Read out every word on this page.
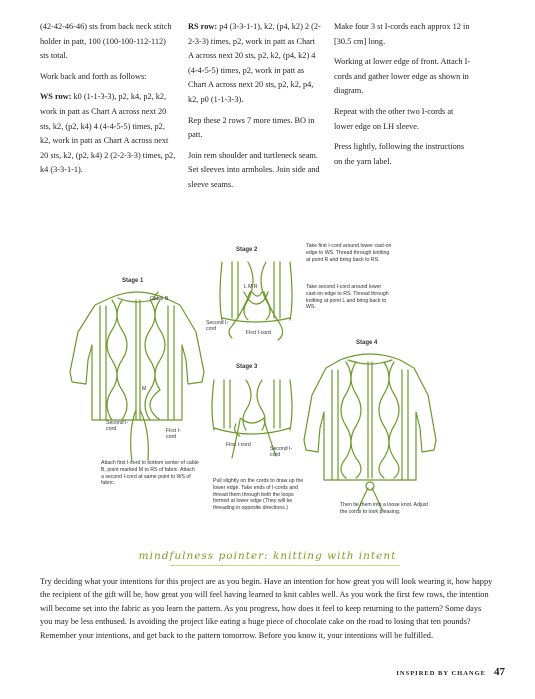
(42-42-46-46) sts from back neck stitch holder in patt, 100 (100-100-112-112) sts total.

Work back and forth as follows:

WS row: k0 (1-1-3-3), p2, k4, p2, k2, work in patt as Chart A across next 20 sts, k2, (p2, k4) 4 (4-4-5-5) times, p2, k2, work in patt as Chart A across next 20 sts, k2, (p2, k4) 2 (2-2-3-3) times, p2, k4 (3-3-1-1).

RS row: p4 (3-3-1-1), k2, (p4, k2) 2 (2-2-3-3) times, p2, work in patt as Chart A across next 20 sts, p2, k2, (p4, k2) 4 (4-4-5-5) times, p2, work in patt as Chart A across next 20 sts, p2, k2, p4, k2, p0 (1-1-3-3).

Rep these 2 rows 7 more times. BO in patt.

Join rem shoulder and turtleneck seam. Set sleeves into armholes. Join side and sleeve seams.

Make four 3 st I-cords each approx 12 in [30.5 cm] long.

Working at lower edge of front. Attach I-cords and gather lower edge as shown in diagram.

Repeat with the other two I-cords at lower edge on LH sleeve.

Press lightly, following the instructions on the yarn label.

Stage 1
Cable B
M
Second I-cord	First I-cord
Attach first I-cord to bottom center of cable B, point marked M to RS of fabric. Attach a second I-cord at same point to WS of fabric.
Stage 2
L M R
Second I-cord
First I-cord
Take first I-cord around lower cast-on edge to WS. Thread through knitting at point R and bring back to RS.
Take second I-cord around lower cast-on edge to RS. Thread through knitting at point L and bring back to WS.
Stage 3
First I-cord
Second I-cord
Pull slightly on the cords to draw up the lower edge. Take ends of I-cords and thread them through both the loops formed at lower edge (They will be threading in opposite directions.)
Stage 4
Then tie them into a loose knot. Adjust the cords to look pleasing.
mindfulness pointer: knitting with intent
Try deciding what your intentions for this project are as you begin. Have an intention for how great you will look wearing it, how happy the recipient of the gift will be, how great you will feel having learned to knit cables well. As you work the first few rows, the intention will become set into the fabric as you learn the pattern. As you progress, how does it feel to keep returning to the pattern? Some days you may be less enthused. Is avoiding the project like eating a huge piece of chocolate cake on the road to losing that ten pounds? Remember your intentions, and get back to the pattern tomorrow. Before you know it, your intentions will be fulfilled.
INSPIRED BY CHANGE 47
